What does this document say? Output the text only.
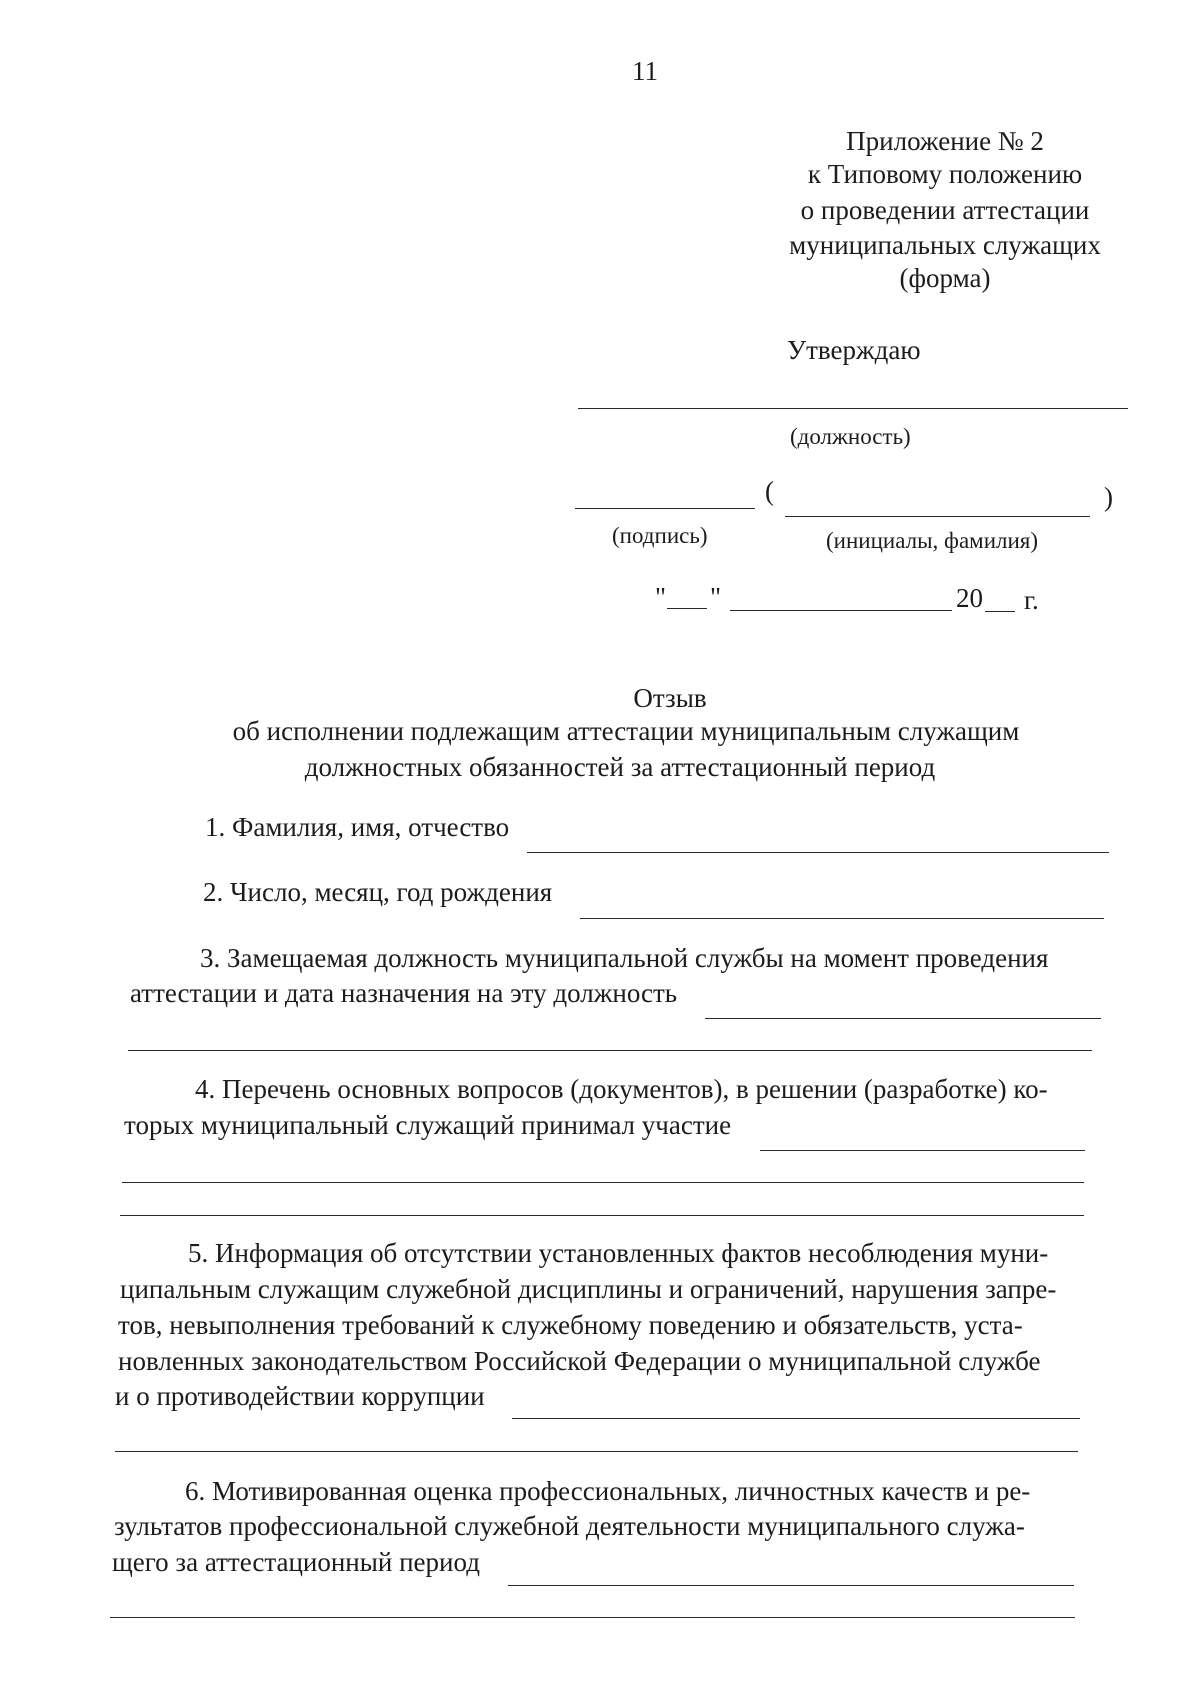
11
Приложение № 2
к Типовому положению
о проведении аттестации
муниципальных служащих
(форма)
Утверждаю
(должность)
(	)
(подпись)	(инициалы, фамилия)
" "	20 г.
Отзыв
об исполнении подлежащим аттестации муниципальным служащим
должностных обязанностей за аттестационный период
1. Фамилия, имя, отчество
2. Число, месяц, год рождения
3. Замещаемая должность муниципальной службы на момент проведения
аттестации и дата назначения на эту должность
4. Перечень основных вопросов (документов), в решении (разработке) ко-
торых муниципальный служащий принимал участие
5. Информация об отсутствии установленных фактов несоблюдения муни-
ципальным служащим служебной дисциплины и ограничений, нарушения запре-
тов, невыполнения требований к служебному поведению и обязательств, уста-
новленных законодательством Российской Федерации о муниципальной службе
и о противодействии коррупции
6. Мотивированная оценка профессиональных, личностных качеств и ре-
зультатов профессиональной служебной деятельности муниципального служа-
щего за аттестационный период
